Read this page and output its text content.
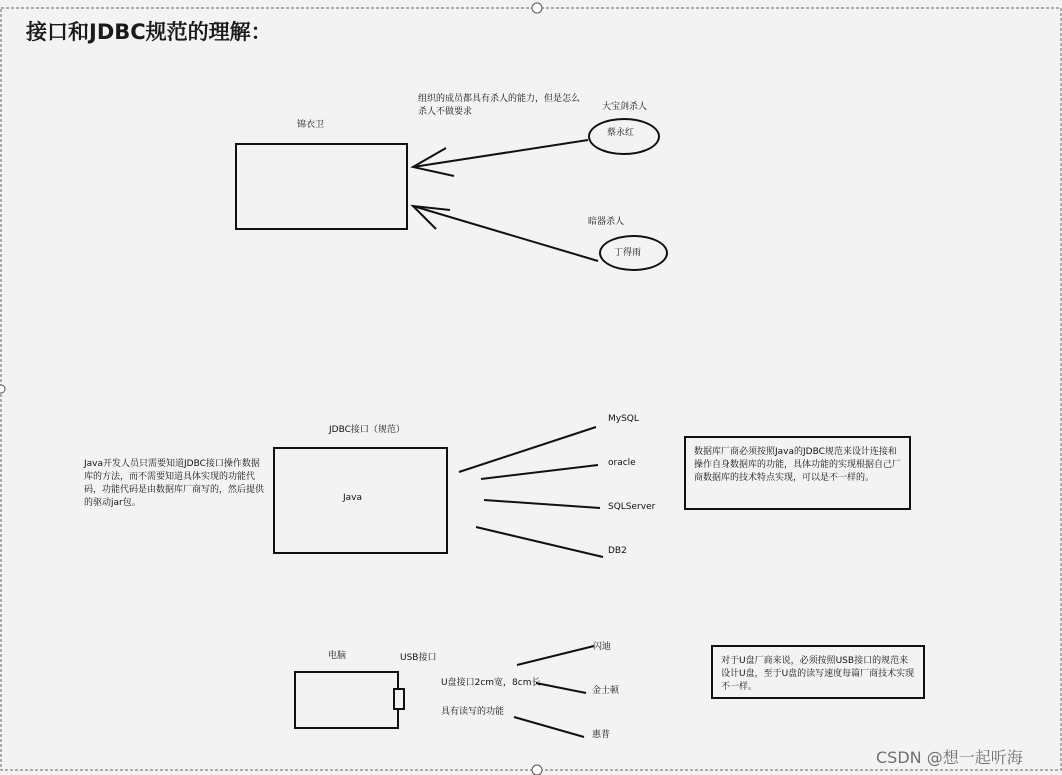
接口和JDBC规范的理解：
锦衣卫
组织的成员都具有杀人的能力，但是怎么杀人不做要求	大宝剑杀人
蔡永红
暗器杀人
丁得雨
JDBC接口（规范）
Java
Java开发人员只需要知道JDBC接口操作数据库的方法，而不需要知道具体实现的功能代码，功能代码是由数据库厂商写的，然后提供的驱动jar包。
MySQL
oracle
SQLServer
DB2
数据库厂商必须按照Java的JDBC规范来设计连接和操作自身数据库的功能，具体功能的实现根据自己厂商数据库的技术特点实现，可以是不一样的。
电脑	USB接口
U盘接口2cm宽，8cm长
具有读写的功能
闪迪
金士顿
惠普
对于U盘厂商来说，必须按照USB接口的规范来设计U盘，至于U盘的读写速度每篇厂商技术实现不一样。
CSDN @想一起听海
